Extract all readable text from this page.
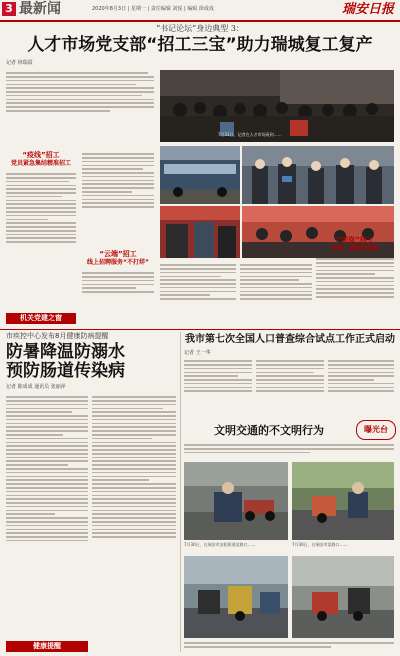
3 最新闻	2020年8月3日 | 星期一 | 责任编辑 刘悦 | 编辑 徐成成	瑞安日报
“书记论坛”身边典型 3：
人才市场党支部“招工三宝”助力瑞城复工复产
记者 林瑞霞
7月31日，记者在人才市场看到……
“疫线”招工
党员紧急集结精准招工
“云端”招工
线上招聘服务“不打烊”
“送岗”招工
补链、揉链保供益
机关党建之窗
市疾控中心发布8月健康防病提醒
防暑降温防溺水
预防肠道传染病
记者 陈成成 通讯员 张丽萍
健康提醒
我市第七次全国人口普查综合试点工作正式启动
记者 王一华
文明交通的不文明行为	曝光台
7月30日，在瑞安市安阳街道某路口……	7月30日，在瑞安市某路口……
